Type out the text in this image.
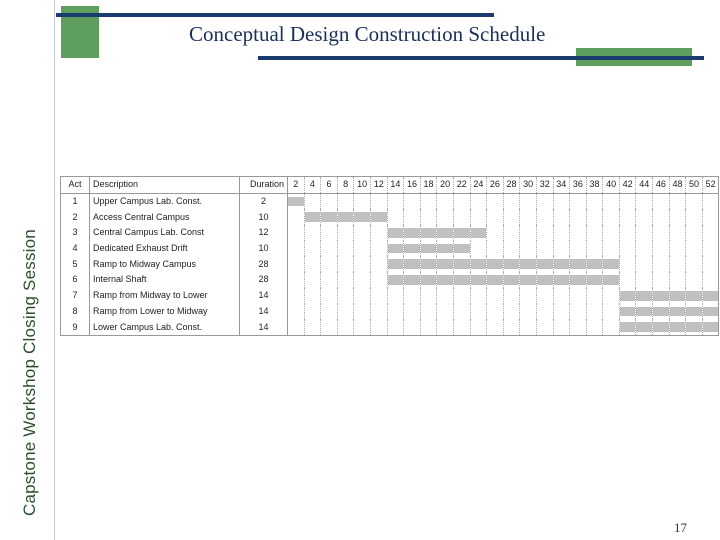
Capstone Workshop Closing Session
Conceptual Design Construction Schedule
Act	Description	Duration	2	4	6	8	10	12	14	16	18	20	22	24	26	28	30	32	34	36	38	40	42	44	46	48	50	52
1	Upper Campus Lab. Const.	2	

2	Access Central Campus	10		

3	Central Campus Lab. Const	12							

4	Dedicated Exhaust Drift	10							

5	Ramp to Midway Campus	28							

6	Internal Shaft	28							

7	Ramp from Midway to Lower	14																					

8	Ramp from Lower to Midway	14																					

9	Lower Campus Lab. Const.	14																					

17
